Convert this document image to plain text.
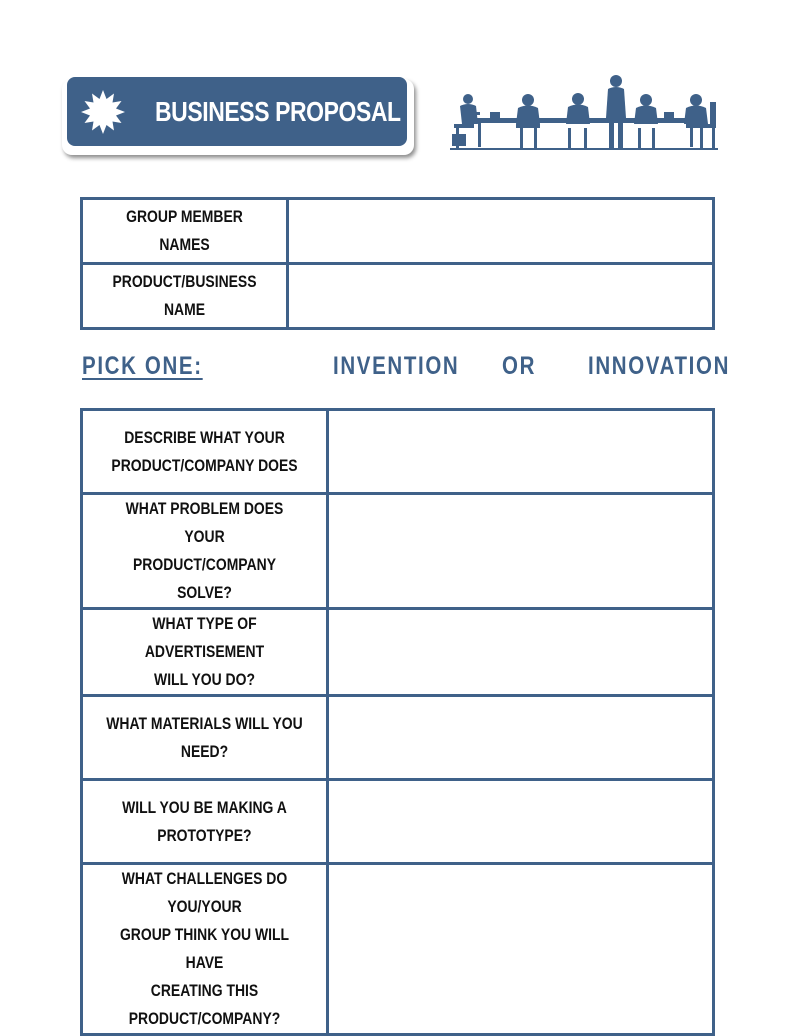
BUSINESS PROPOSAL
GROUP MEMBER NAMES	
PRODUCT/BUSINESS NAME	
PICK ONE:	INVENTION OR INNOVATION
DESCRIBE WHAT YOUR
PRODUCT/COMPANY DOES	
WHAT PROBLEM DOES YOUR
PRODUCT/COMPANY SOLVE?	
WHAT TYPE OF ADVERTISEMENT
WILL YOU DO?	
WHAT MATERIALS WILL YOU NEED?	
WILL YOU BE MAKING A
PROTOTYPE?	
WHAT CHALLENGES DO YOU/YOUR
GROUP THINK YOU WILL HAVE
CREATING THIS
PRODUCT/COMPANY?	
